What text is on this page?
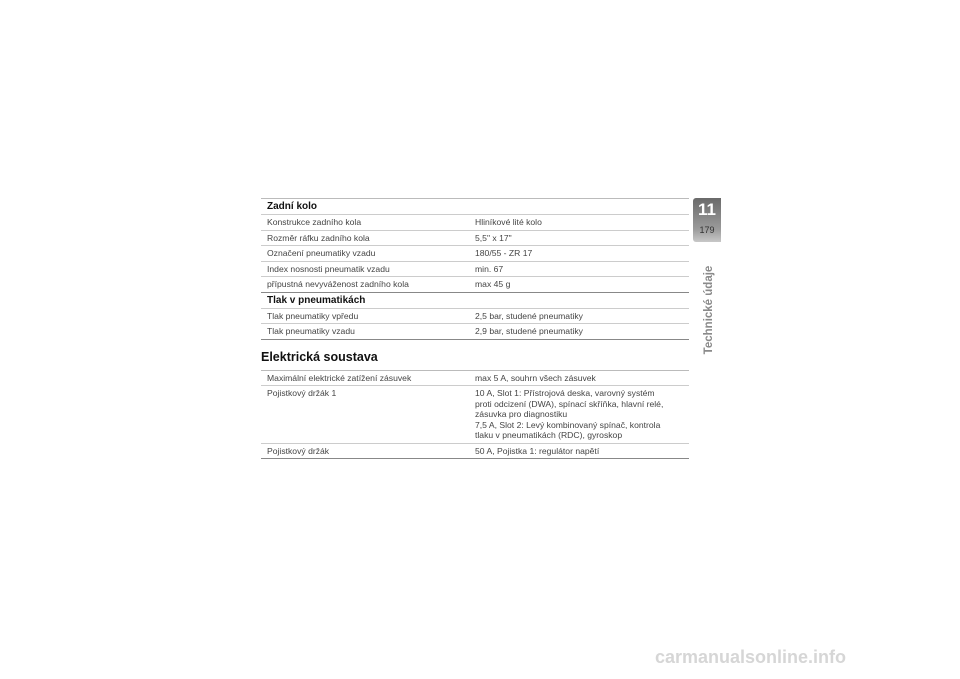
Zadní kolo
Konstrukce zadního kola	Hliníkové lité kolo
Rozměr ráfku zadního kola	5,5" x 17"
Označení pneumatiky vzadu	180/55 - ZR 17
Index nosnosti pneumatik vzadu	min. 67
přípustná nevyváženost zadního kola	max 45 g
Tlak v pneumatikách
Tlak pneumatiky vpředu	2,5 bar, studené pneumatiky
Tlak pneumatiky vzadu	2,9 bar, studené pneumatiky
Elektrická soustava
Maximální elektrické zatížení zásuvek	max 5 A, souhrn všech zásuvek
Pojistkový držák 1	10 A, Slot 1: Přístrojová deska, varovný systém
proti odcizení (DWA), spínací skříňka, hlavní relé,
zásuvka pro diagnostiku
7,5 A, Slot 2: Levý kombinovaný spínač, kontrola
tlaku v pneumatikách (RDC), gyroskop
Pojistkový držák	50 A, Pojistka 1: regulátor napětí
11
179
Technické údaje
carmanualsonline.info
